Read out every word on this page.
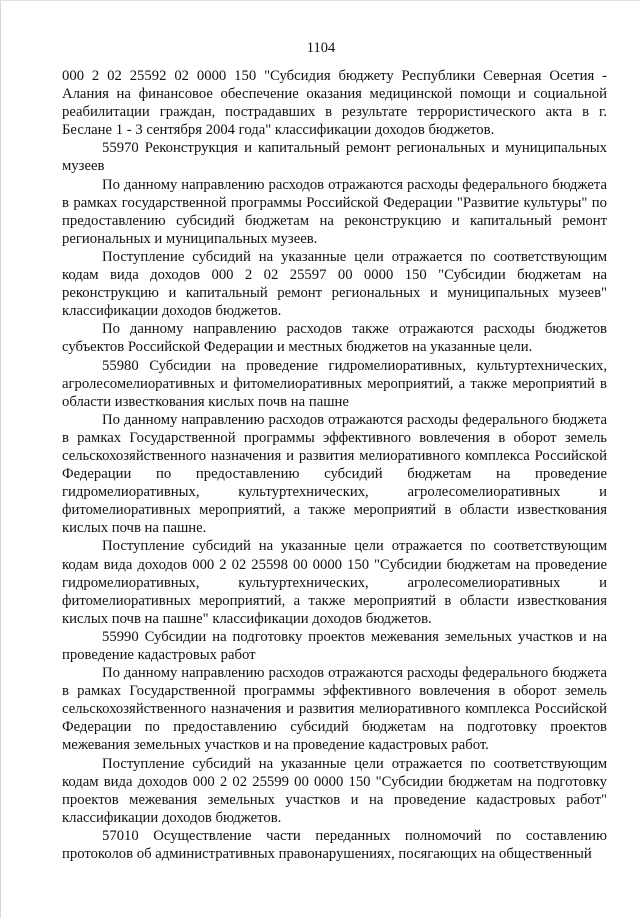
1104

000 2 02 25592 02 0000 150 "Субсидия бюджету Республики Северная Осетия - Алания на финансовое обеспечение оказания медицинской помощи и социальной реабилитации граждан, пострадавших в результате террористического акта в г. Беслане 1 - 3 сентября 2004 года" классификации доходов бюджетов.

55970 Реконструкция и капитальный ремонт региональных и муниципальных музеев

По данному направлению расходов отражаются расходы федерального бюджета в рамках государственной программы Российской Федерации "Развитие культуры" по предоставлению субсидий бюджетам на реконструкцию и капитальный ремонт региональных и муниципальных музеев.

Поступление субсидий на указанные цели отражается по соответствующим кодам вида доходов 000 2 02 25597 00 0000 150 "Субсидии бюджетам на реконструкцию и капитальный ремонт региональных и муниципальных музеев" классификации доходов бюджетов.

По данному направлению расходов также отражаются расходы бюджетов субъектов Российской Федерации и местных бюджетов на указанные цели.

55980 Субсидии на проведение гидромелиоративных, культуртехнических, агролесомелиоративных и фитомелиоративных мероприятий, а также мероприятий в области известкования кислых почв на пашне

По данному направлению расходов отражаются расходы федерального бюджета в рамках Государственной программы эффективного вовлечения в оборот земель сельскохозяйственного назначения и развития мелиоративного комплекса Российской Федерации по предоставлению субсидий бюджетам на проведение гидромелиоративных, культуртехнических, агролесомелиоративных и фитомелиоративных мероприятий, а также мероприятий в области известкования кислых почв на пашне.

Поступление субсидий на указанные цели отражается по соответствующим кодам вида доходов 000 2 02 25598 00 0000 150 "Субсидии бюджетам на проведение гидромелиоративных, культуртехнических, агролесомелиоративных и фитомелиоративных мероприятий, а также мероприятий в области известкования кислых почв на пашне" классификации доходов бюджетов.

55990 Субсидии на подготовку проектов межевания земельных участков и на проведение кадастровых работ

По данному направлению расходов отражаются расходы федерального бюджета в рамках Государственной программы эффективного вовлечения в оборот земель сельскохозяйственного назначения и развития мелиоративного комплекса Российской Федерации по предоставлению субсидий бюджетам на подготовку проектов межевания земельных участков и на проведение кадастровых работ.

Поступление субсидий на указанные цели отражается по соответствующим кодам вида доходов 000 2 02 25599 00 0000 150 "Субсидии бюджетам на подготовку проектов межевания земельных участков и на проведение кадастровых работ" классификации доходов бюджетов.

57010 Осуществление части переданных полномочий по составлению протоколов об административных правонарушениях, посягающих на общественный
